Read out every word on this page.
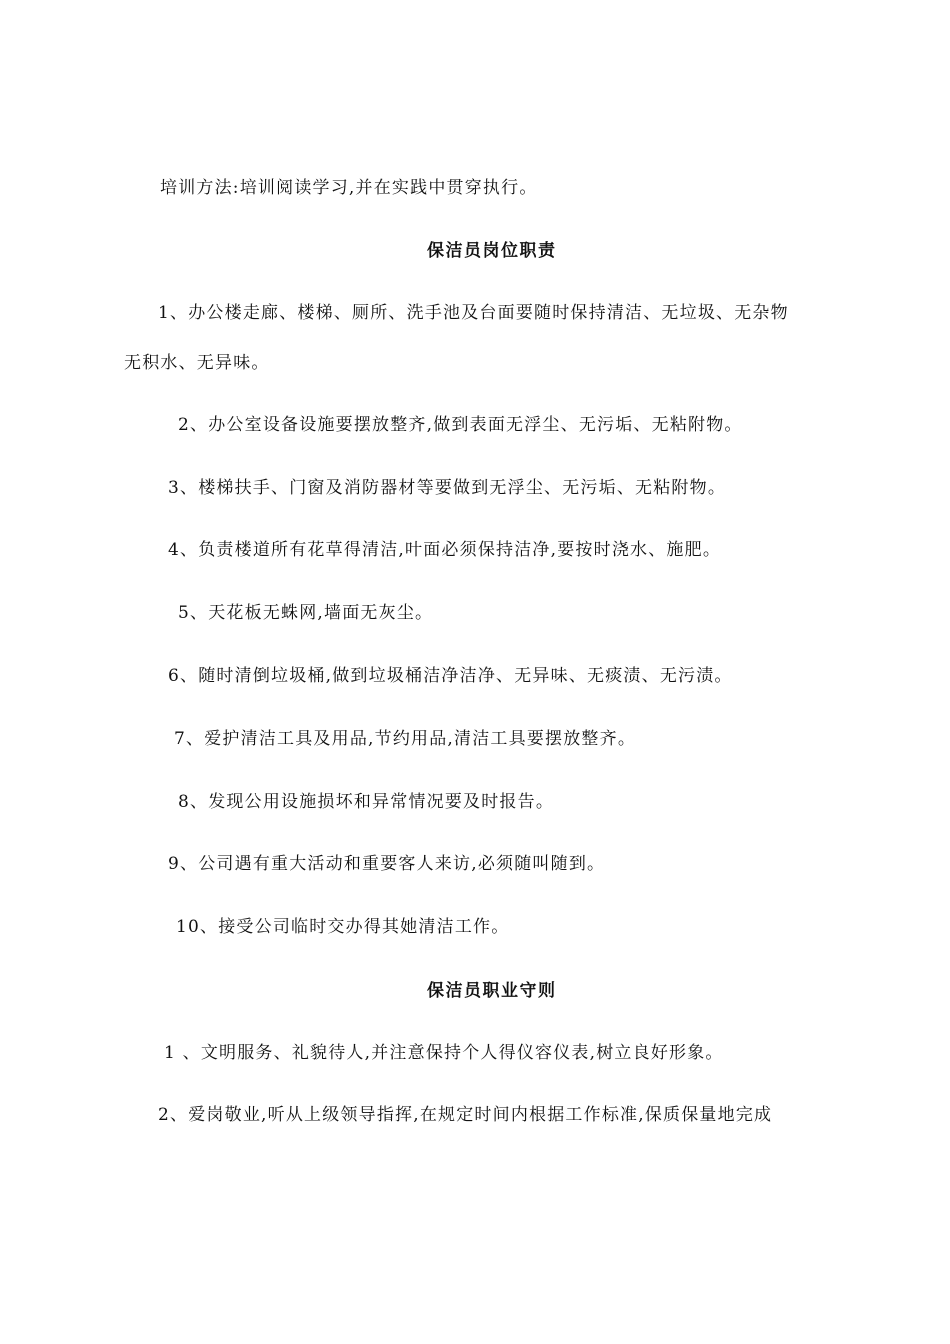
培训方法:培训阅读学习,并在实践中贯穿执行。
保洁员岗位职责
1、办公楼走廊、楼梯、厕所、洗手池及台面要随时保持清洁、无垃圾、无杂物
无积水、无异味。
2、办公室设备设施要摆放整齐,做到表面无浮尘、无污垢、无粘附物。
3、楼梯扶手、门窗及消防器材等要做到无浮尘、无污垢、无粘附物。
4、负责楼道所有花草得清洁,叶面必须保持洁净,要按时浇水、施肥。
5、天花板无蛛网,墙面无灰尘。
6、随时清倒垃圾桶,做到垃圾桶洁净洁净、无异味、无痰渍、无污渍。
7、爱护清洁工具及用品,节约用品,清洁工具要摆放整齐。
8、发现公用设施损坏和异常情况要及时报告。
9、公司遇有重大活动和重要客人来访,必须随叫随到。
10、接受公司临时交办得其她清洁工作。
保洁员职业守则
1 、文明服务、礼貌待人,并注意保持个人得仪容仪表,树立良好形象。
2、爱岗敬业,听从上级领导指挥,在规定时间内根据工作标准,保质保量地完成
